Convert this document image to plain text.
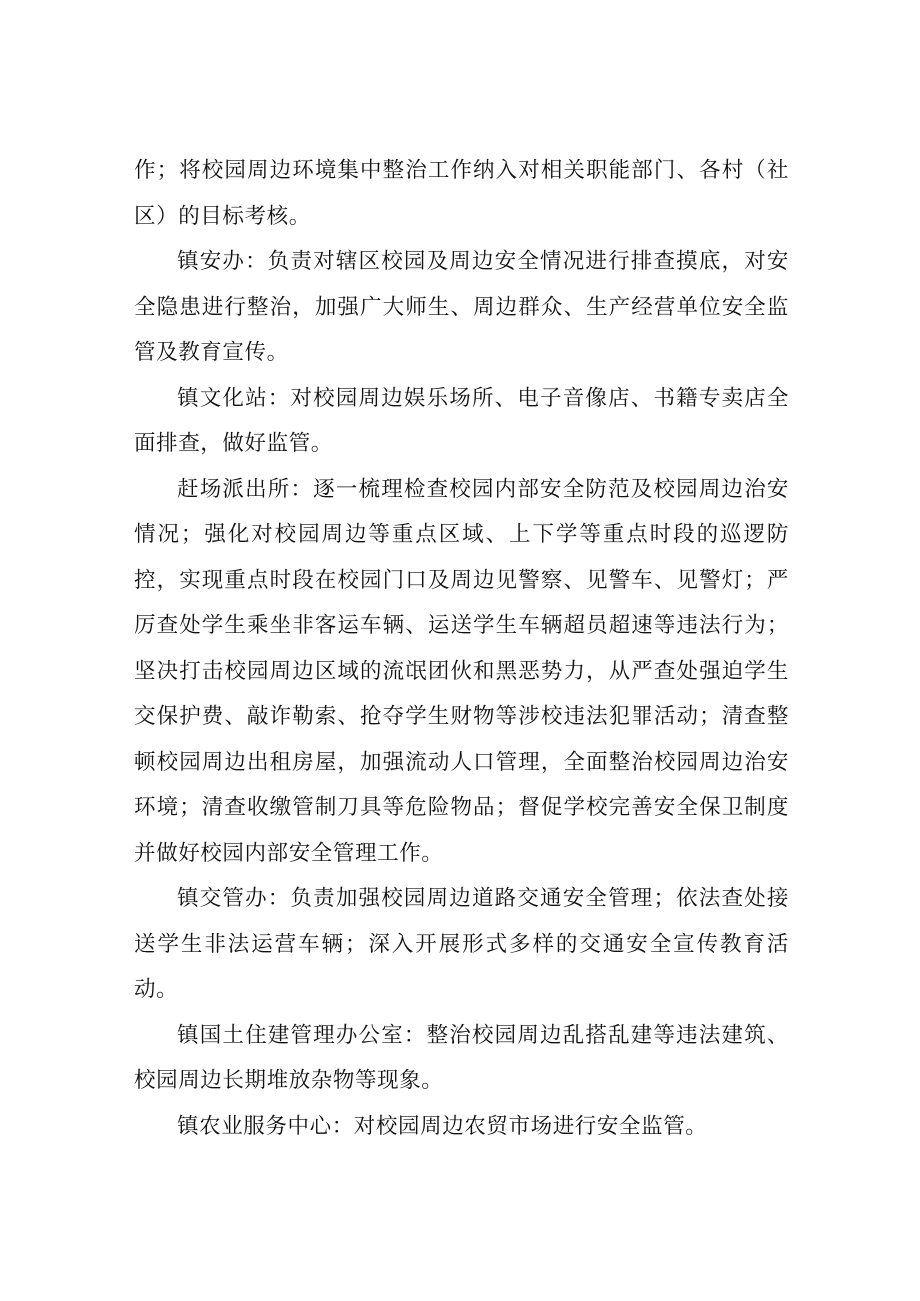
作；将校园周边环境集中整治工作纳入对相关职能部门、各村（社区）的目标考核。

镇安办：负责对辖区校园及周边安全情况进行排查摸底，对安全隐患进行整治，加强广大师生、周边群众、生产经营单位安全监管及教育宣传。

镇文化站：对校园周边娱乐场所、电子音像店、书籍专卖店全面排查，做好监管。

赶场派出所：逐一梳理检查校园内部安全防范及校园周边治安情况；强化对校园周边等重点区域、上下学等重点时段的巡逻防控，实现重点时段在校园门口及周边见警察、见警车、见警灯；严厉查处学生乘坐非客运车辆、运送学生车辆超员超速等违法行为；坚决打击校园周边区域的流氓团伙和黑恶势力，从严查处强迫学生交保护费、敲诈勒索、抢夺学生财物等涉校违法犯罪活动；清查整顿校园周边出租房屋，加强流动人口管理，全面整治校园周边治安环境；清查收缴管制刀具等危险物品；督促学校完善安全保卫制度并做好校园内部安全管理工作。

镇交管办：负责加强校园周边道路交通安全管理；依法查处接送学生非法运营车辆；深入开展形式多样的交通安全宣传教育活动。

镇国土住建管理办公室：整治校园周边乱搭乱建等违法建筑、校园周边长期堆放杂物等现象。

镇农业服务中心：对校园周边农贸市场进行安全监管。
